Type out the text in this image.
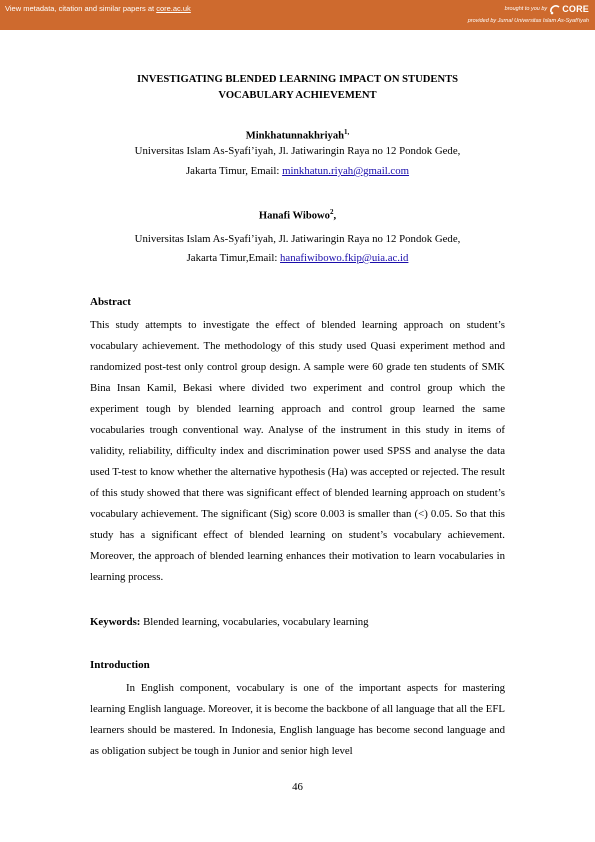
View metadata, citation and similar papers at core.ac.uk	brought to you by CORE
provided by Jurnal Universitas Islam As-Syafi'iyah
INVESTIGATING BLENDED LEARNING IMPACT ON STUDENTS
VOCABULARY ACHIEVEMENT
Minkhatunnakhriyah$^{1,}$
Universitas Islam As-Syafi’iyah, Jl. Jatiwaringin Raya no 12 Pondok Gede,
Jakarta Timur, Email: minkhatun.riyah@gmail.com
Hanafi Wibowo$^2$,
Universitas Islam As-Syafi’iyah, Jl. Jatiwaringin Raya no 12 Pondok Gede,
Jakarta Timur,Email: hanafiwibowo.fkip@uia.ac.id
Abstract
This study attempts to investigate the effect of blended learning approach on student’s vocabulary achievement. The methodology of this study used Quasi experiment method and randomized post-test only control group design. A sample were 60 grade ten students of SMK Bina Insan Kamil, Bekasi where divided two experiment and control group which the experiment tough by blended learning approach and control group learned the same vocabularies trough conventional way. Analyse of the instrument in this study in items of validity, reliability, difficulty index and discrimination power used SPSS and analyse the data used T-test to know whether the alternative hypothesis (Ha) was accepted or rejected. The result of this study showed that there was significant effect of blended learning approach on student’s vocabulary achievement. The significant (Sig) score 0.003 is smaller than (<) 0.05. So that this study has a significant effect of blended learning on student’s vocabulary achievement. Moreover, the approach of blended learning enhances their motivation to learn vocabularies in learning process.
Keywords: Blended learning, vocabularies, vocabulary learning
Introduction
In English component, vocabulary is one of the important aspects for mastering learning English language. Moreover, it is become the backbone of all language that all the EFL learners should be mastered. In Indonesia, English language has become second language and as obligation subject be tough in Junior and senior high level
46
